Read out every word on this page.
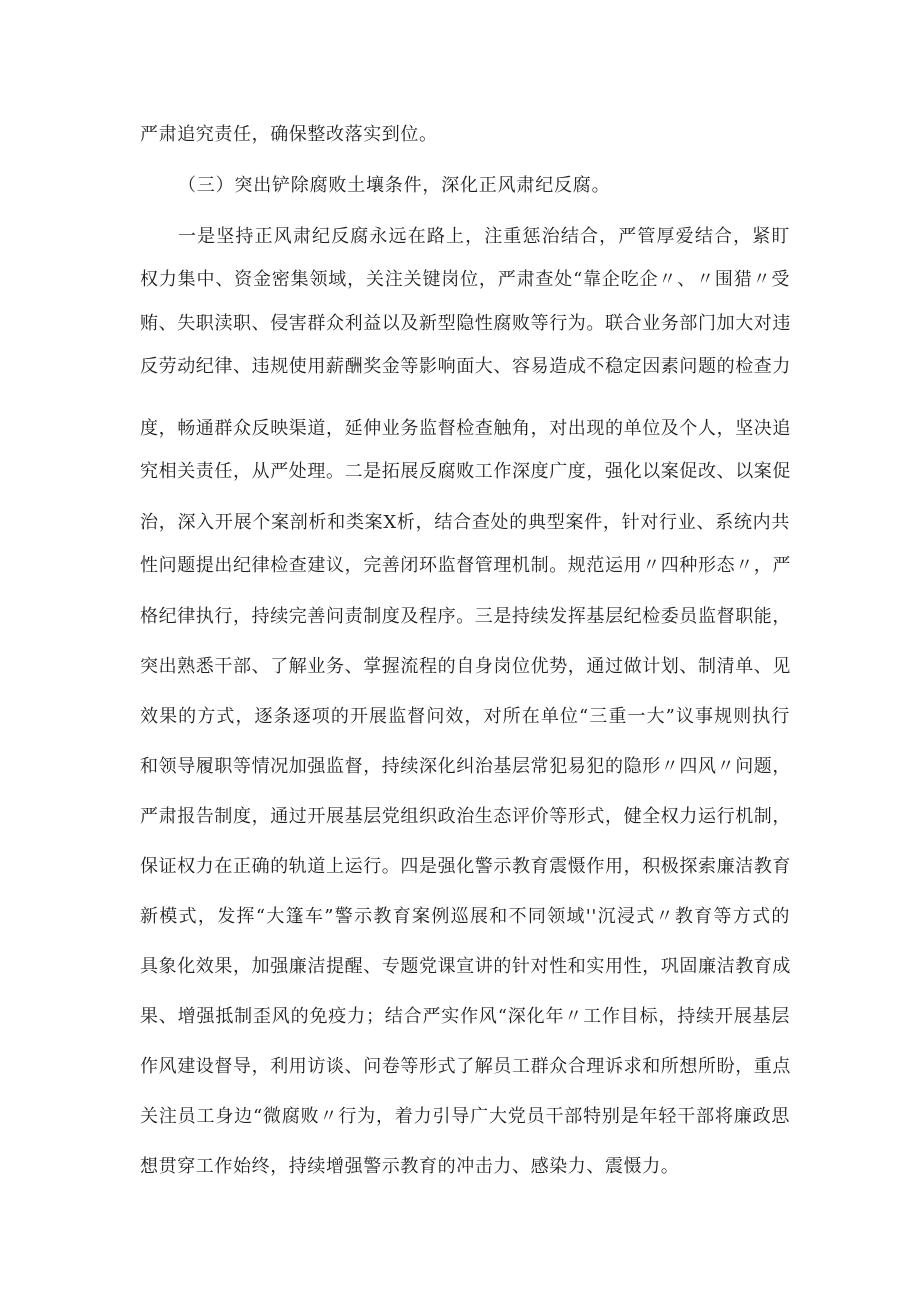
严肃追究责任，确保整改落实到位。
（三）突出铲除腐败土壤条件，深化正风肃纪反腐。
一是坚持正风肃纪反腐永远在路上，注重惩治结合，严管厚爱结合，紧盯
权力集中、资金密集领域，关注关键岗位，严肃查处“靠企吃企〃、〃围猎〃受
贿、失职渎职、侵害群众利益以及新型隐性腐败等行为。联合业务部门加大对违
反劳动纪律、违规使用薪酬奖金等影响面大、容易造成不稳定因素问题的检查力
度，畅通群众反映渠道，延伸业务监督检查触角，对出现的单位及个人，坚决追
究相关责任，从严处理。二是拓展反腐败工作深度广度，强化以案促改、以案促
治，深入开展个案剖析和类案X析，结合查处的典型案件，针对行业、系统内共
性问题提出纪律检查建议，完善闭环监督管理机制。规范运用〃四种形态〃，严
格纪律执行，持续完善问责制度及程序。三是持续发挥基层纪检委员监督职能，
突出熟悉干部、了解业务、掌握流程的自身岗位优势，通过做计划、制清单、见
效果的方式，逐条逐项的开展监督问效，对所在单位“三重一大”议事规则执行
和领导履职等情况加强监督，持续深化纠治基层常犯易犯的隐形〃四风〃问题，
严肃报告制度，通过开展基层党组织政治生态评价等形式，健全权力运行机制，
保证权力在正确的轨道上运行。四是强化警示教育震慑作用，积极探索廉洁教育
新模式，发挥“大篷车”警示教育案例巡展和不同领域''沉浸式〃教育等方式的
具象化效果，加强廉洁提醒、专题党课宣讲的针对性和实用性，巩固廉洁教育成
果、增强抵制歪风的免疫力；结合严实作风“深化年〃工作目标，持续开展基层
作风建设督导，利用访谈、问卷等形式了解员工群众合理诉求和所想所盼，重点
关注员工身边“微腐败〃行为，着力引导广大党员干部特别是年轻干部将廉政思
想贯穿工作始终，持续增强警示教育的冲击力、感染力、震慑力。
